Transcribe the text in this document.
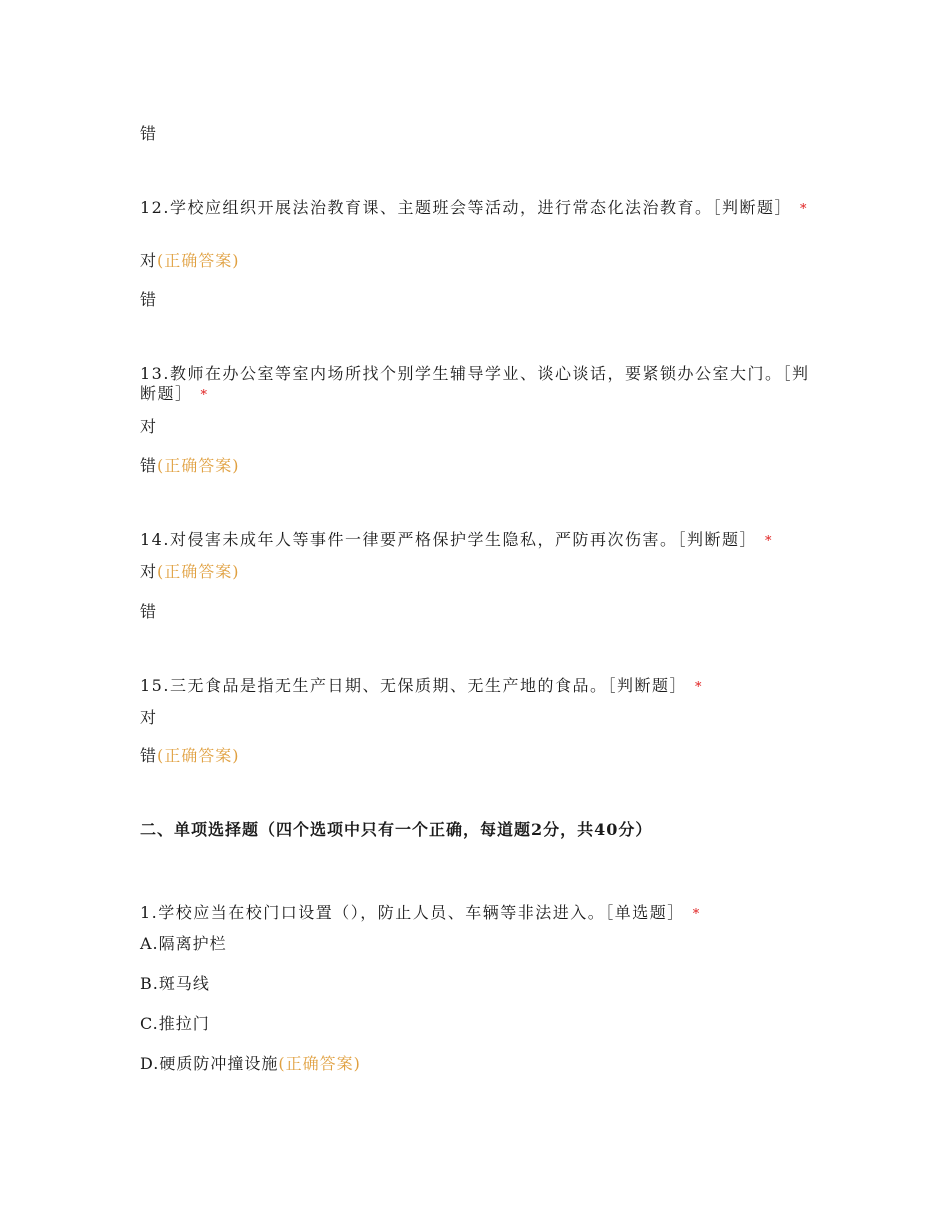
错
12.学校应组织开展法治教育课、主题班会等活动，进行常态化法治教育。［判断题］ *
对(正确答案)
错
13.教师在办公室等室内场所找个别学生辅导学业、谈心谈话，要紧锁办公室大门。［判断题］ *
对
错(正确答案)
14.对侵害未成年人等事件一律要严格保护学生隐私，严防再次伤害。［判断题］ *
对(正确答案)
错
15.三无食品是指无生产日期、无保质期、无生产地的食品。［判断题］ *
对
错(正确答案)
二、单项选择题（四个选项中只有一个正确，每道题2分，共40分）
1.学校应当在校门口设置（），防止人员、车辆等非法进入。［单选题］ *
A.隔离护栏
B.斑马线
C.推拉门
D.硬质防冲撞设施(正确答案)
